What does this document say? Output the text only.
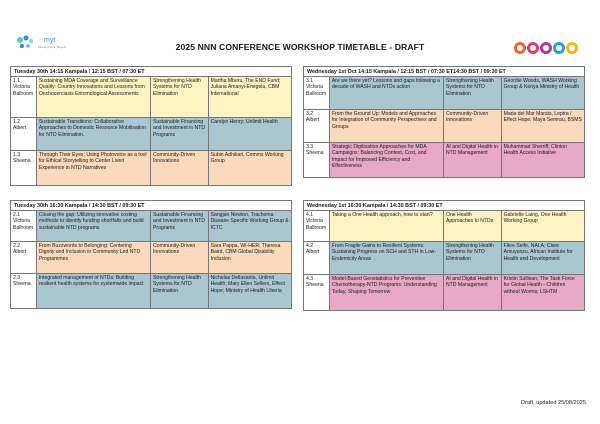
myt
Meeting Your Targets	2025 NNN CONFERENCE WORKSHOP TIMETABLE - DRAFT
Tuesday 30th 14:15 Kampala / 12:15 BST / 07:30 ET
1.1
Victoria Ballroom
Sustaining MDA Coverage and Surveillance Quality: Country Innovations and Lessons from Onchocerciasis Entomological Assessments
Strengthening Health Systems for NTD Elimination
Martha Mberu, The END Fund; Juliana Amanyi-Enegela, CBM International
1.2
Albert
Sustainable Transitions: Collaborative Approaches to Domestic Resource Mobilisation for NTD Elimination.
Sustainable Financing and Investment in NTD Programs
Carolyn Henry; Unlimit Health
1.3
Sheena
Through Their Eyes: Using Photovoice as a tool for Ethical Storytelling to Center Lived Experience in NTD Narratives
Community-Driven Innovations
Subin Adhikari, Comms Working Group
Wednesday 1st Oct 14:15 Kampala / 12:15 BST / 07:30 ET14:30 BST / 09:30 ET
3.1
Victoria Ballroom
Are we there yet? Lessons and gaps following a decade of WASH and NTDs action
Strengthening Health Systems for NTD Elimination
Geordie Woods, WASH Working Group & Kenya Ministry of Health
3.2
Albert
From the Ground Up: Models and Approaches for Integration of Community Perspectives and Groups
Community-Driven Innovations
Maria del Mar Marais, Leptra / Effect Hope; Maya Semrau, BSMS
3.3
Sheena
Strategic Digitization Approaches for MDA Campaigns: Balancing Context, Cost, and Impact for Improved Efficiency and Effectiveness
AI and Digital Health in NTD Management
Muhammad Sherriff, Clinton Health Access Initiative
Tuesday 30th 16:30 Kampala / 14:30 BST / 09:30 ET
2.1
Victoria Ballroom
Closing the gap: Utilizing innovative costing methods to identify funding shortfalls and build sustainable NTD programs
Sustainable Financing and Investment in NTD Programs
Sangjan Newton, Trachoma Disease Specific Working Group & ICTC
2.2
Albert
From Buzzwords to Belonging: Centering Dignity and Inclusion in Community Led NTD Programmes
Community-Driven Innovations
Sara Pappa, WI-HER; Theresa Baird, CBM Global Disability Inclusion
2.3
Sheena
Integrated management of NTDs: Building resilient health systems for systemwide impact
Strengthening Health Systems for NTD Elimination
Nicholas Dellasanta, Unlimit Health; Mary Ellen Sellers, Effect Hope; Ministry of Health Liberia
Wednesday 1st 16:30 Kampala / 14:30 BST / 09:30 ET
4.1
Victoria Ballroom
Taking a One Health approach, how to start?	One Health Approaches to NTDs
Gabrielle Laing, One Health Working Group
4.2
Albert
From Fragile Gains to Resilient Systems: Sustaining Progress on SCH and STH in Low-Endemicity Areas
Strengthening Health Systems for NTD Elimination
Fikre Seife, NALA; Clare Amuyunzu, African Institute for Health and Development
4.3
Sheena
Model-Based Geostatistics for Preventive Chemotherapy-NTD Programs: Understanding Today, Shaping Tomorrow
AI and Digital Health in NTD Management
Kristin Sullivan, The Task Force for Global Health - Children without Worms; LSHTM
Draft, updated 25/08/2025
